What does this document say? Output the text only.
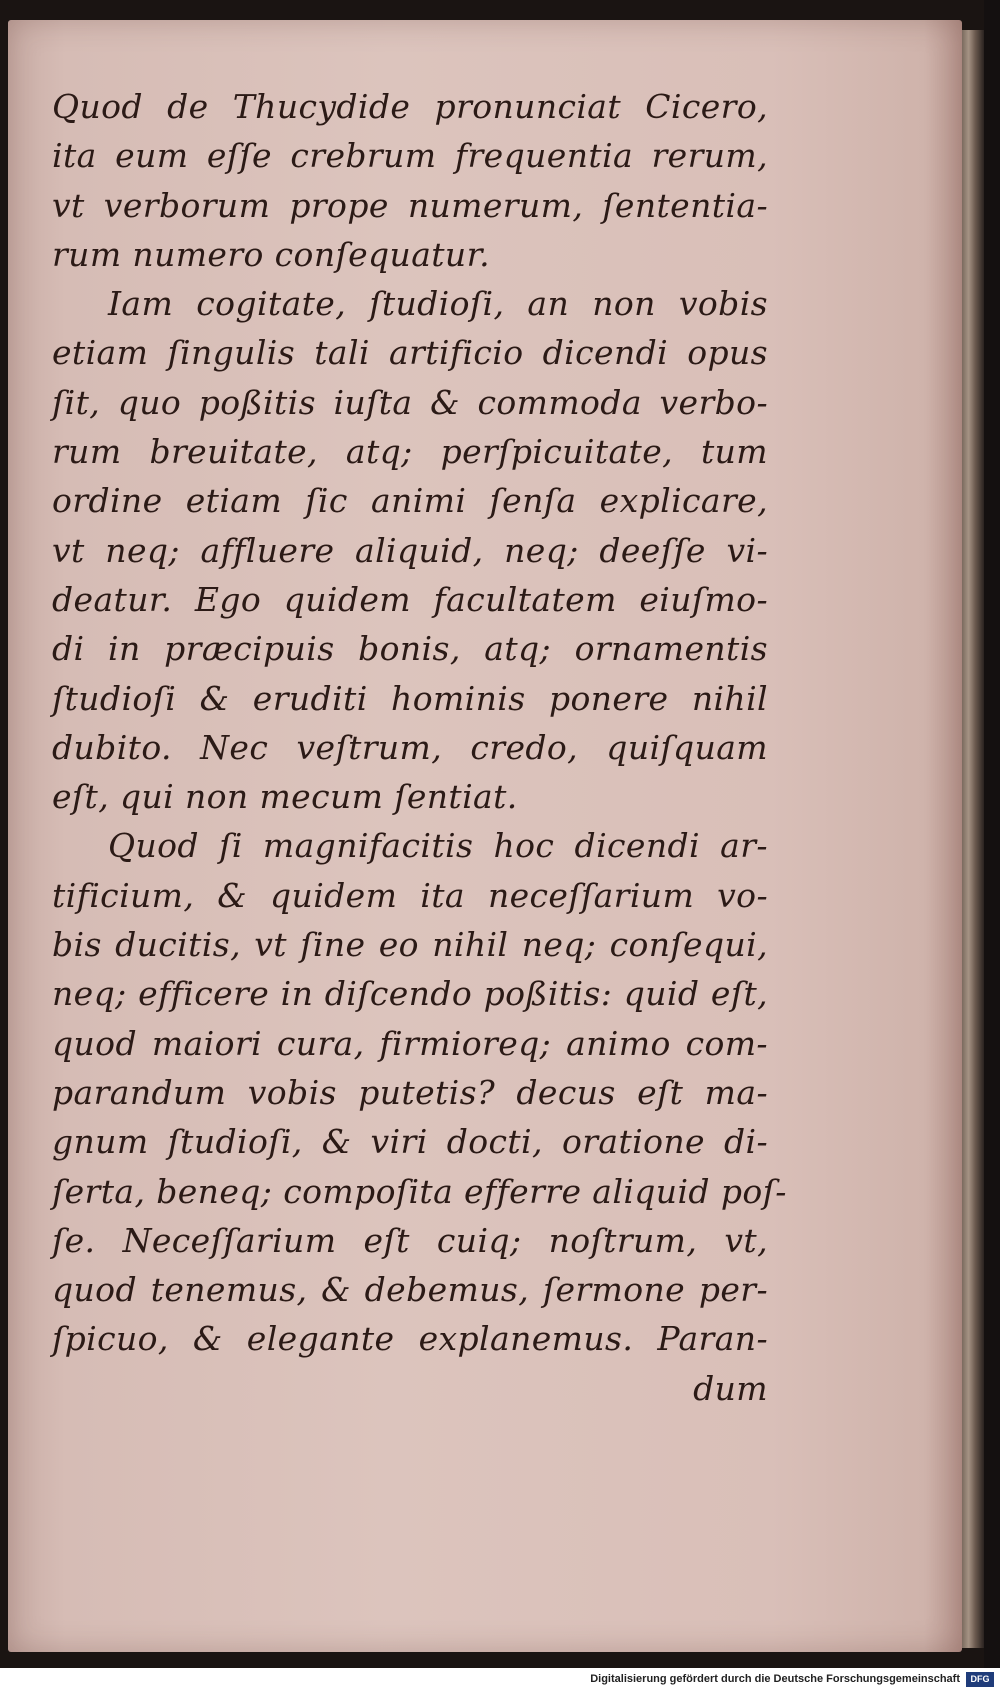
Quod de Thucydide pronunciat Cicero,
ita eum eſſe crebrum frequentia rerum,
vt verborum prope numerum, ſententia-
rum numero conſequatur.
Iam cogitate, ſtudioſi, an non vobis
etiam ſingulis tali artificio dicendi opus
ſit, quo poßitis iuſta & commoda verbo-
rum breuitate, atq; perſpicuitate, tum
ordine etiam ſic animi ſenſa explicare,
vt neq; affluere aliquid, neq; deeſſe vi-
deatur. Ego quidem facultatem eiuſmo-
di in præcipuis bonis, atq; ornamentis
ſtudioſi & eruditi hominis ponere nihil
dubito. Nec veſtrum, credo, quiſquam
eſt, qui non mecum ſentiat.
Quod ſi magnifacitis hoc dicendi ar-
tificium, & quidem ita neceſſarium vo-
bis ducitis, vt ſine eo nihil neq; conſequi,
neq; efficere in diſcendo poßitis: quid eſt,
quod maiori cura, firmioreq; animo com-
parandum vobis putetis? decus eſt ma-
gnum ſtudioſi, & viri docti, oratione di-
ſerta, beneq; compoſita efferre aliquid poſ-
ſe. Neceſſarium eſt cuiq; noſtrum, vt,
quod tenemus, & debemus, ſermone per-
ſpicuo, & elegante explanemus. Paran-
dum
Digitalisierung gefördert durch die Deutsche Forschungsgemeinschaft	DFG
